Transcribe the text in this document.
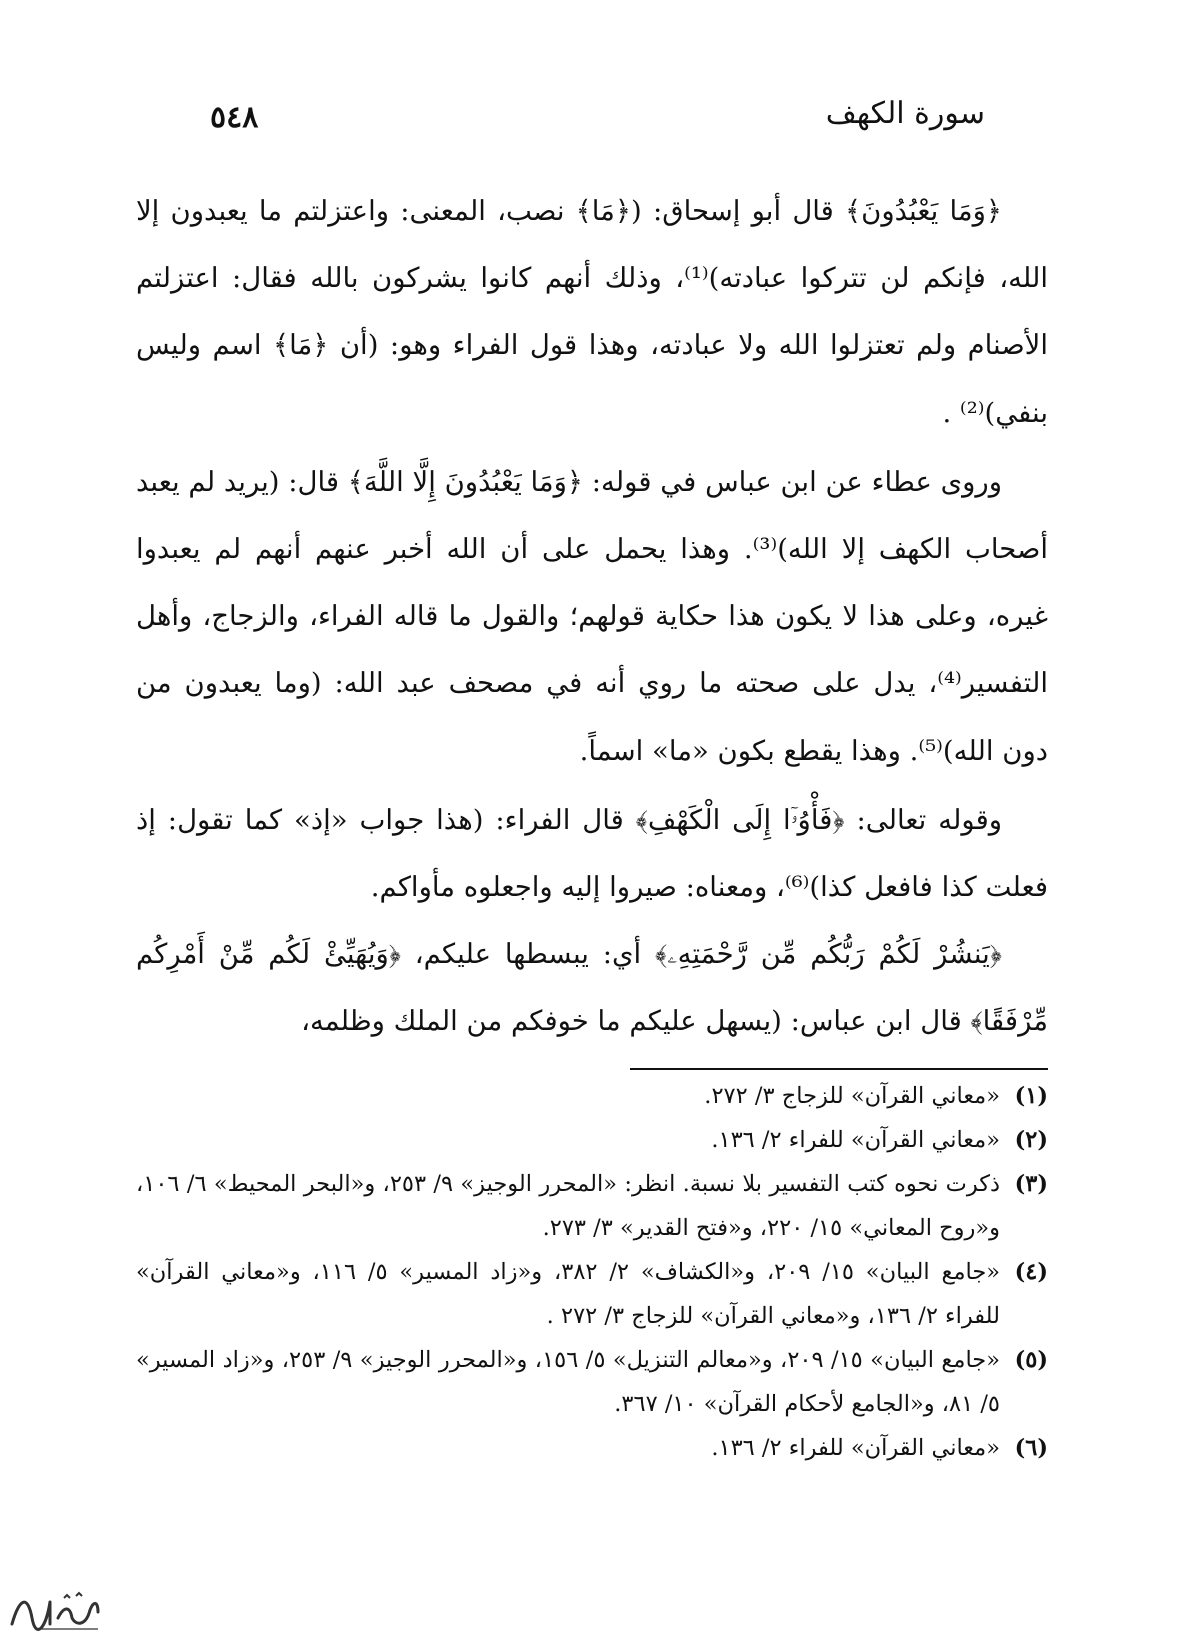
سورة الكهف
٥٤٨

﴿وَمَا يَعْبُدُونَ﴾ قال أبو إسحاق: (﴿مَا﴾ نصب، المعنى: واعتزلتم ما يعبدون إلا الله، فإنكم لن تتركوا عبادته)⁽¹⁾، وذلك أنهم كانوا يشركون بالله فقال: اعتزلتم الأصنام ولم تعتزلوا الله ولا عبادته، وهذا قول الفراء وهو: (أن ﴿مَا﴾ اسم وليس بنفي)⁽²⁾ .

وروى عطاء عن ابن عباس في قوله: ﴿وَمَا يَعْبُدُونَ إِلَّا اللَّهَ﴾ قال: (يريد لم يعبد أصحاب الكهف إلا الله)⁽³⁾. وهذا يحمل على أن الله أخبر عنهم أنهم لم يعبدوا غيره، وعلى هذا لا يكون هذا حكاية قولهم؛ والقول ما قاله الفراء، والزجاج، وأهل التفسير⁽⁴⁾، يدل على صحته ما روي أنه في مصحف عبد الله: (وما يعبدون من دون الله)⁽⁵⁾. وهذا يقطع بكون «ما» اسماً.

وقوله تعالى: ﴿فَأْوُۥٓا إِلَى الْكَهْفِ﴾ قال الفراء: (هذا جواب «إذ» كما تقول: إذ فعلت كذا فافعل كذا)⁽⁶⁾، ومعناه: صيروا إليه واجعلوه مأواكم.

﴿يَنشُرْ لَكُمْ رَبُّكُم مِّن رَّحْمَتِهِۦ﴾ أي: يبسطها عليكم، ﴿وَيُهَيِّئْ لَكُم مِّنْ أَمْرِكُم مِّرْفَقًا﴾ قال ابن عباس: (يسهل عليكم ما خوفكم من الملك وظلمه،

(١)
«معاني القرآن» للزجاج ٣/ ٢٧٢.
(٢)
«معاني القرآن» للفراء ٢/ ١٣٦.
(٣)
ذكرت نحوه كتب التفسير بلا نسبة. انظر: «المحرر الوجيز» ٩/ ٢٥٣، و«البحر المحيط» ٦/ ١٠٦، و«روح المعاني» ١٥/ ٢٢٠، و«فتح القدير» ٣/ ٢٧٣.
(٤)
«جامع البيان» ١٥/ ٢٠٩، و«الكشاف» ٢/ ٣٨٢، و«زاد المسير» ٥/ ١١٦، و«معاني القرآن» للفراء ٢/ ١٣٦، و«معاني القرآن» للزجاج ٣/ ٢٧٢ .
(٥)
«جامع البيان» ١٥/ ٢٠٩، و«معالم التنزيل» ٥/ ١٥٦، و«المحرر الوجيز» ٩/ ٢٥٣، و«زاد المسير» ٥/ ٨١، و«الجامع لأحكام القرآن» ١٠/ ٣٦٧.
(٦)
«معاني القرآن» للفراء ٢/ ١٣٦.
